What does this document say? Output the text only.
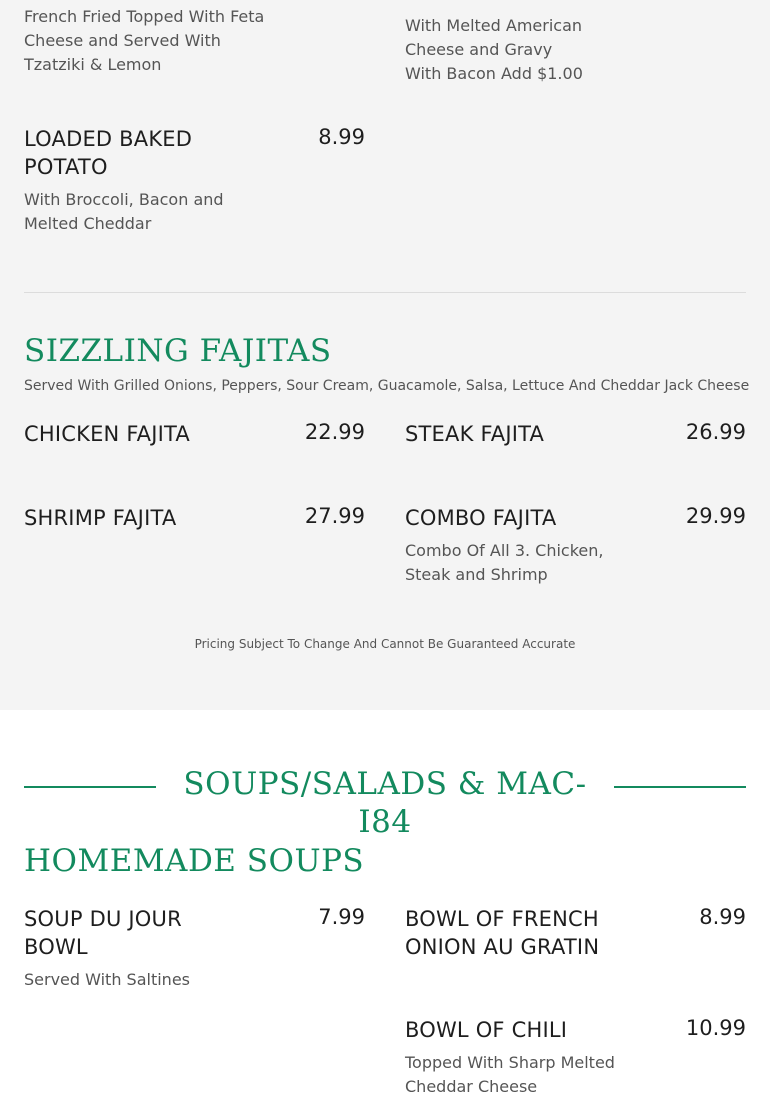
French Fried Topped With Feta Cheese and Served With Tzatziki & Lemon
With Melted American Cheese and Gravy
With Bacon Add $1.00
LOADED BAKED POTATO
8.99
With Broccoli, Bacon and Melted Cheddar
SIZZLING FAJITAS
Served With Grilled Onions, Peppers, Sour Cream, Guacamole, Salsa, Lettuce And Cheddar Jack Cheese
CHICKEN FAJITA	22.99 STEAK FAJITA	26.99
SHRIMP FAJITA	27.99 COMBO FAJITA	29.99
Combo Of All 3. Chicken, Steak and Shrimp
Pricing Subject To Change And Cannot Be Guaranteed Accurate
SOUPS/SALADS & MAC-I84
HOMEMADE SOUPS
SOUP DU JOUR BOWL
7.99
Served With Saltines
BOWL OF FRENCH ONION AU GRATIN
8.99
BOWL OF CHILI	10.99
Topped With Sharp Melted Cheddar Cheese
